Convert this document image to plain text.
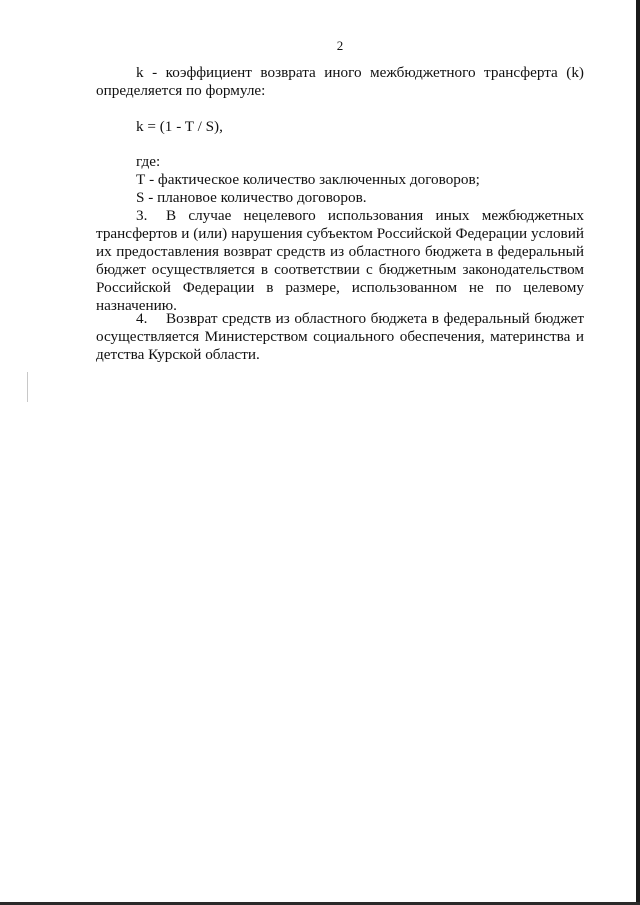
2

k - коэффициент возврата иного межбюджетного трансферта (k) определяется по формуле:

k = (1 - T / S),

где:

Т - фактическое количество заключенных договоров;

S - плановое количество договоров.

3. В случае нецелевого использования иных межбюджетных трансфертов и (или) нарушения субъектом Российской Федерации условий их предоставления возврат средств из областного бюджета в федеральный бюджет осуществляется в соответствии с бюджетным законодательством Российской Федерации в размере, использованном не по целевому назначению.

4. Возврат средств из областного бюджета в федеральный бюджет осуществляется Министерством социального обеспечения, материнства и детства Курской области.
